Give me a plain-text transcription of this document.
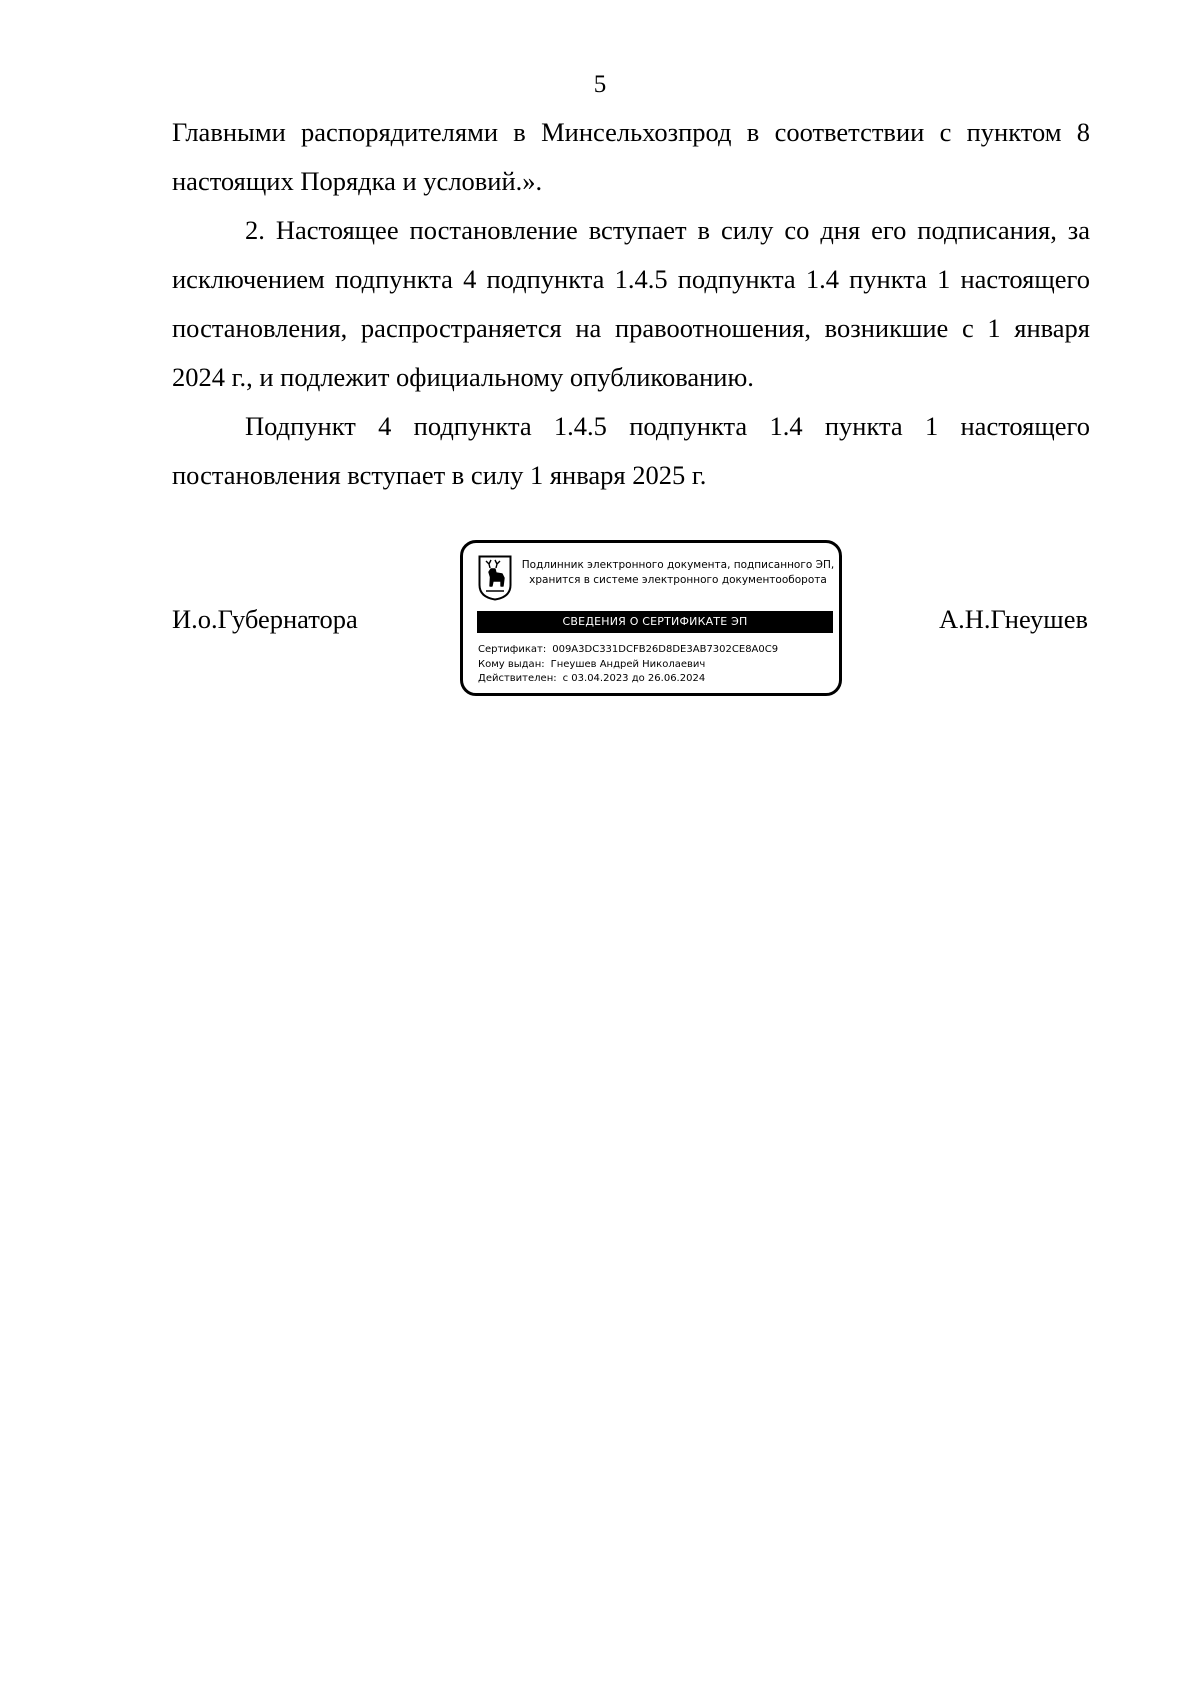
5

Главными распорядителями в Минсельхозпрод в соответствии с пунктом 8 настоящих Порядка и условий.».

2. Настоящее постановление вступает в силу со дня его подписания, за исключением подпункта 4 подпункта 1.4.5 подпункта 1.4 пункта 1 настоящего постановления, распространяется на правоотношения, возникшие с 1 января 2024 г., и подлежит официальному опубликованию.

Подпункт 4 подпункта 1.4.5 подпункта 1.4 пункта 1 настоящего постановления вступает в силу 1 января 2025 г.

И.о.Губернатора
Подлинник электронного документа, подписанного ЭП,
хранится в системе электронного документооборота
СВЕДЕНИЯ О СЕРТИФИКАТЕ ЭП
Сертификат: 009A3DC331DCFB26D8DE3AB7302CE8A0C9
Кому выдан: Гнеушев Андрей Николаевич
Действителен: с 03.04.2023 до 26.06.2024
А.Н.Гнеушев
